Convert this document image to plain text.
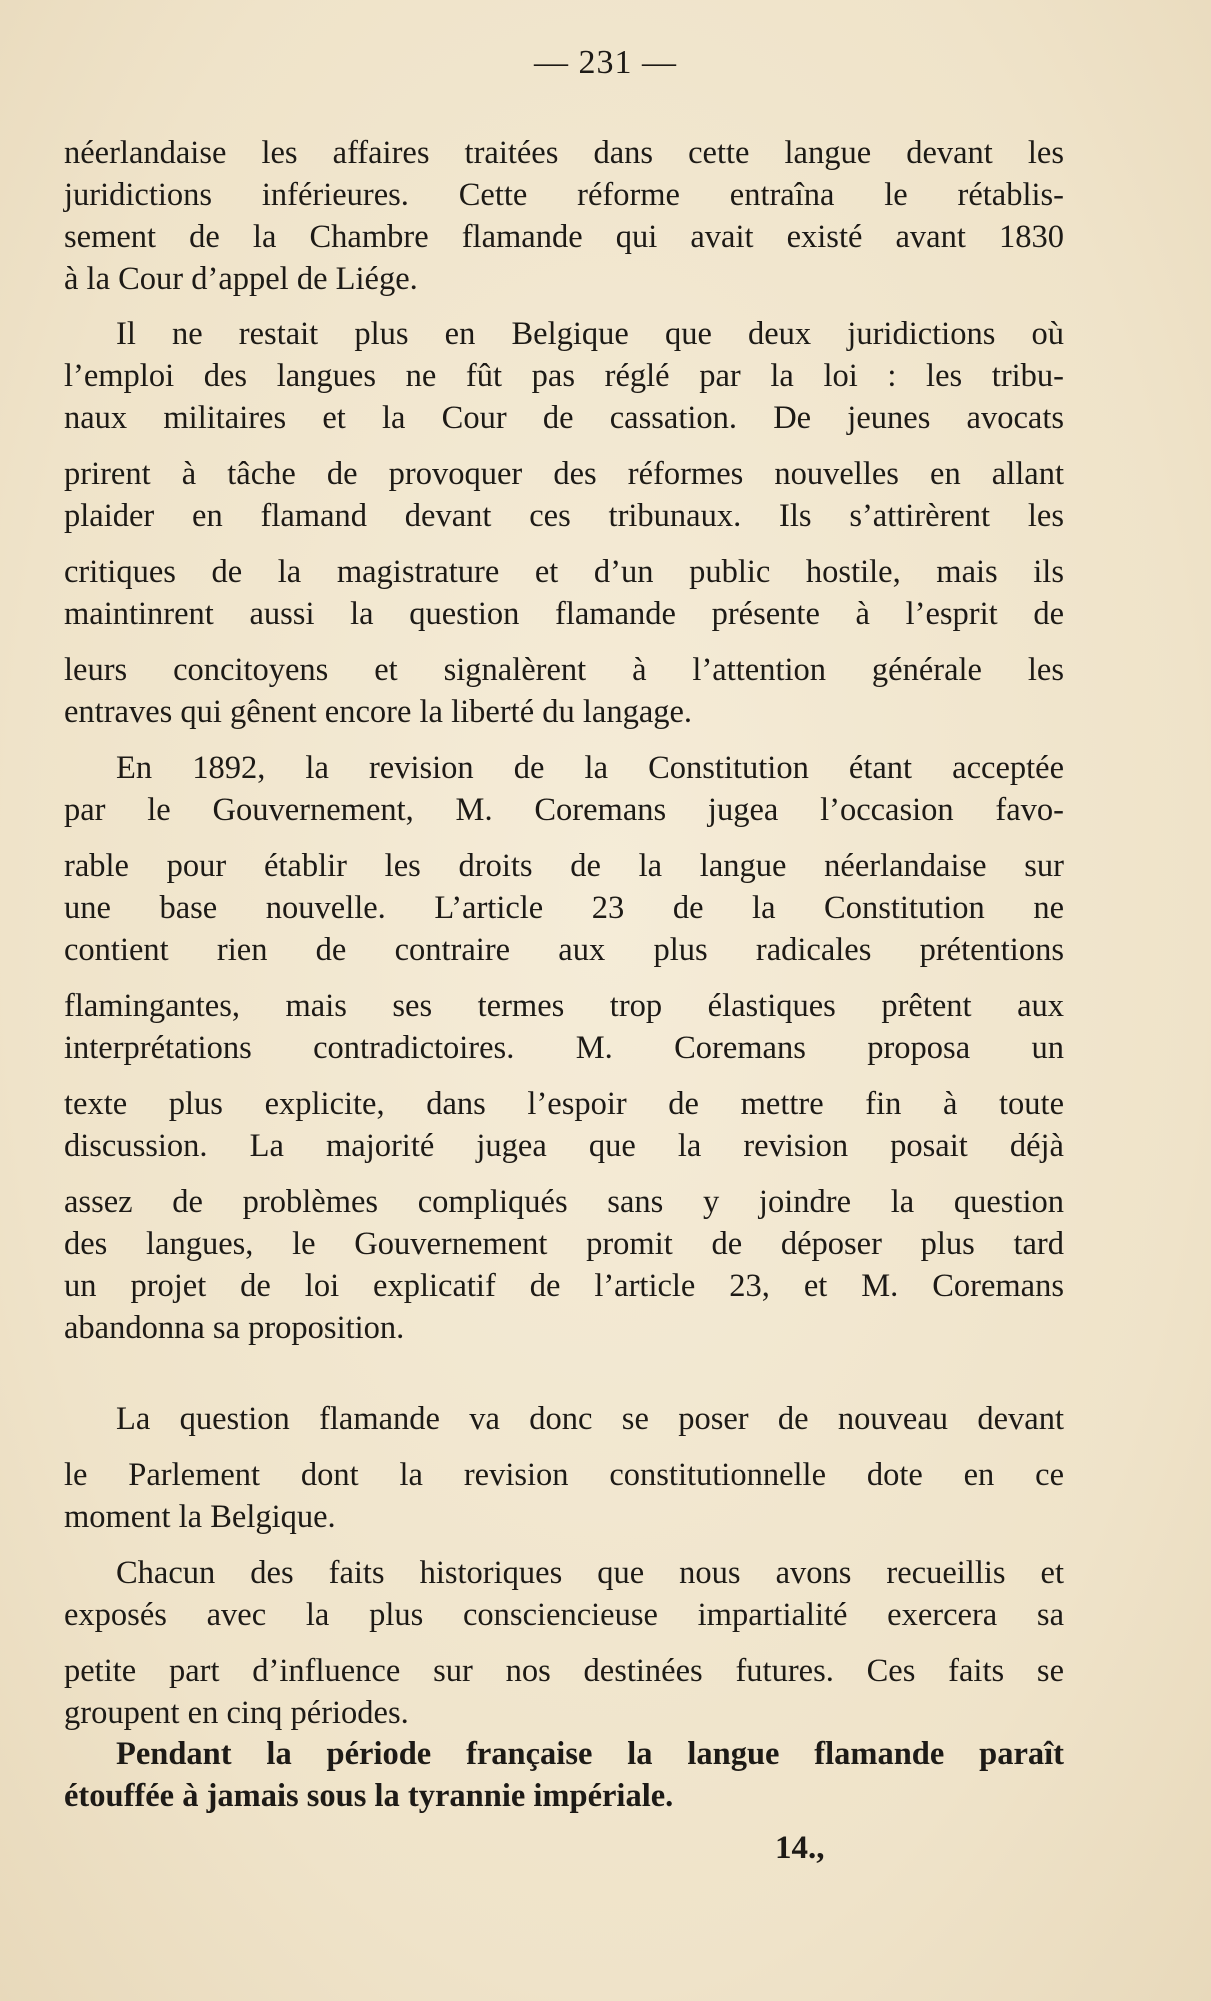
— 231 —
néerlandaise les affaires traitées dans cette langue devant les
juridictions inférieures. Cette réforme entraîna le rétablis-
sement de la Chambre flamande qui avait existé avant 1830
à la Cour d’appel de Liége.
Il ne restait plus en Belgique que deux juridictions où
l’emploi des langues ne fût pas réglé par la loi : les tribu-
naux militaires et la Cour de cassation. De jeunes avocats
prirent à tâche de provoquer des réformes nouvelles en allant
plaider en flamand devant ces tribunaux. Ils s’attirèrent les
critiques de la magistrature et d’un public hostile, mais ils
maintinrent aussi la question flamande présente à l’esprit de
leurs concitoyens et signalèrent à l’attention générale les
entraves qui gênent encore la liberté du langage.
En 1892, la revision de la Constitution étant acceptée
par le Gouvernement, M. Coremans jugea l’occasion favo-
rable pour établir les droits de la langue néerlandaise sur
une base nouvelle. L’article 23 de la Constitution ne
contient rien de contraire aux plus radicales prétentions
flamingantes, mais ses termes trop élastiques prêtent aux
interprétations contradictoires. M. Coremans proposa un
texte plus explicite, dans l’espoir de mettre fin à toute
discussion. La majorité jugea que la revision posait déjà
assez de problèmes compliqués sans y joindre la question
des langues, le Gouvernement promit de déposer plus tard
un projet de loi explicatif de l’article 23, et M. Coremans
abandonna sa proposition.
La question flamande va donc se poser de nouveau devant
le Parlement dont la revision constitutionnelle dote en ce
moment la Belgique.
Chacun des faits historiques que nous avons recueillis et
exposés avec la plus consciencieuse impartialité exercera sa
petite part d’influence sur nos destinées futures. Ces faits se
groupent en cinq périodes.
Pendant la période française la langue flamande paraît
étouffée à jamais sous la tyrannie impériale.
14.,
